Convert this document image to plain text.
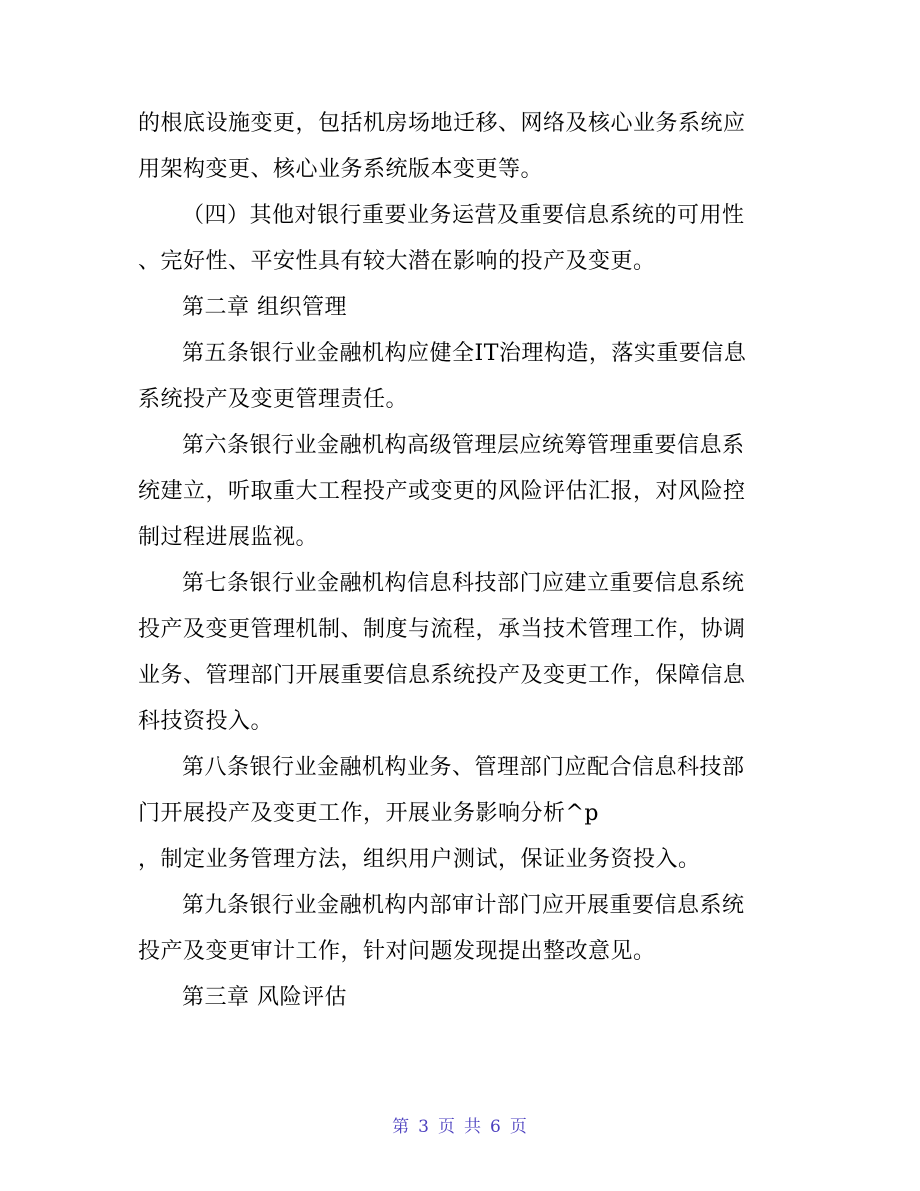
的根底设施变更，包括机房场地迁移、网络及核心业务系统应
用架构变更、核心业务系统版本变更等。
（四）其他对银行重要业务运营及重要信息系统的可用性
、完好性、平安性具有较大潜在影响的投产及变更。
第二章 组织管理
第五条银行业金融机构应健全IT治理构造，落实重要信息
系统投产及变更管理责任。
第六条银行业金融机构高级管理层应统筹管理重要信息系
统建立，听取重大工程投产或变更的风险评估汇报，对风险控
制过程进展监视。
第七条银行业金融机构信息科技部门应建立重要信息系统
投产及变更管理机制、制度与流程，承当技术管理工作，协调
业务、管理部门开展重要信息系统投产及变更工作，保障信息
科技资投入。
第八条银行业金融机构业务、管理部门应配合信息科技部
门开展投产及变更工作，开展业务影响分析^p
，制定业务管理方法，组织用户测试，保证业务资投入。
第九条银行业金融机构内部审计部门应开展重要信息系统
投产及变更审计工作，针对问题发现提出整改意见。
第三章 风险评估
第 3 页 共 6 页
